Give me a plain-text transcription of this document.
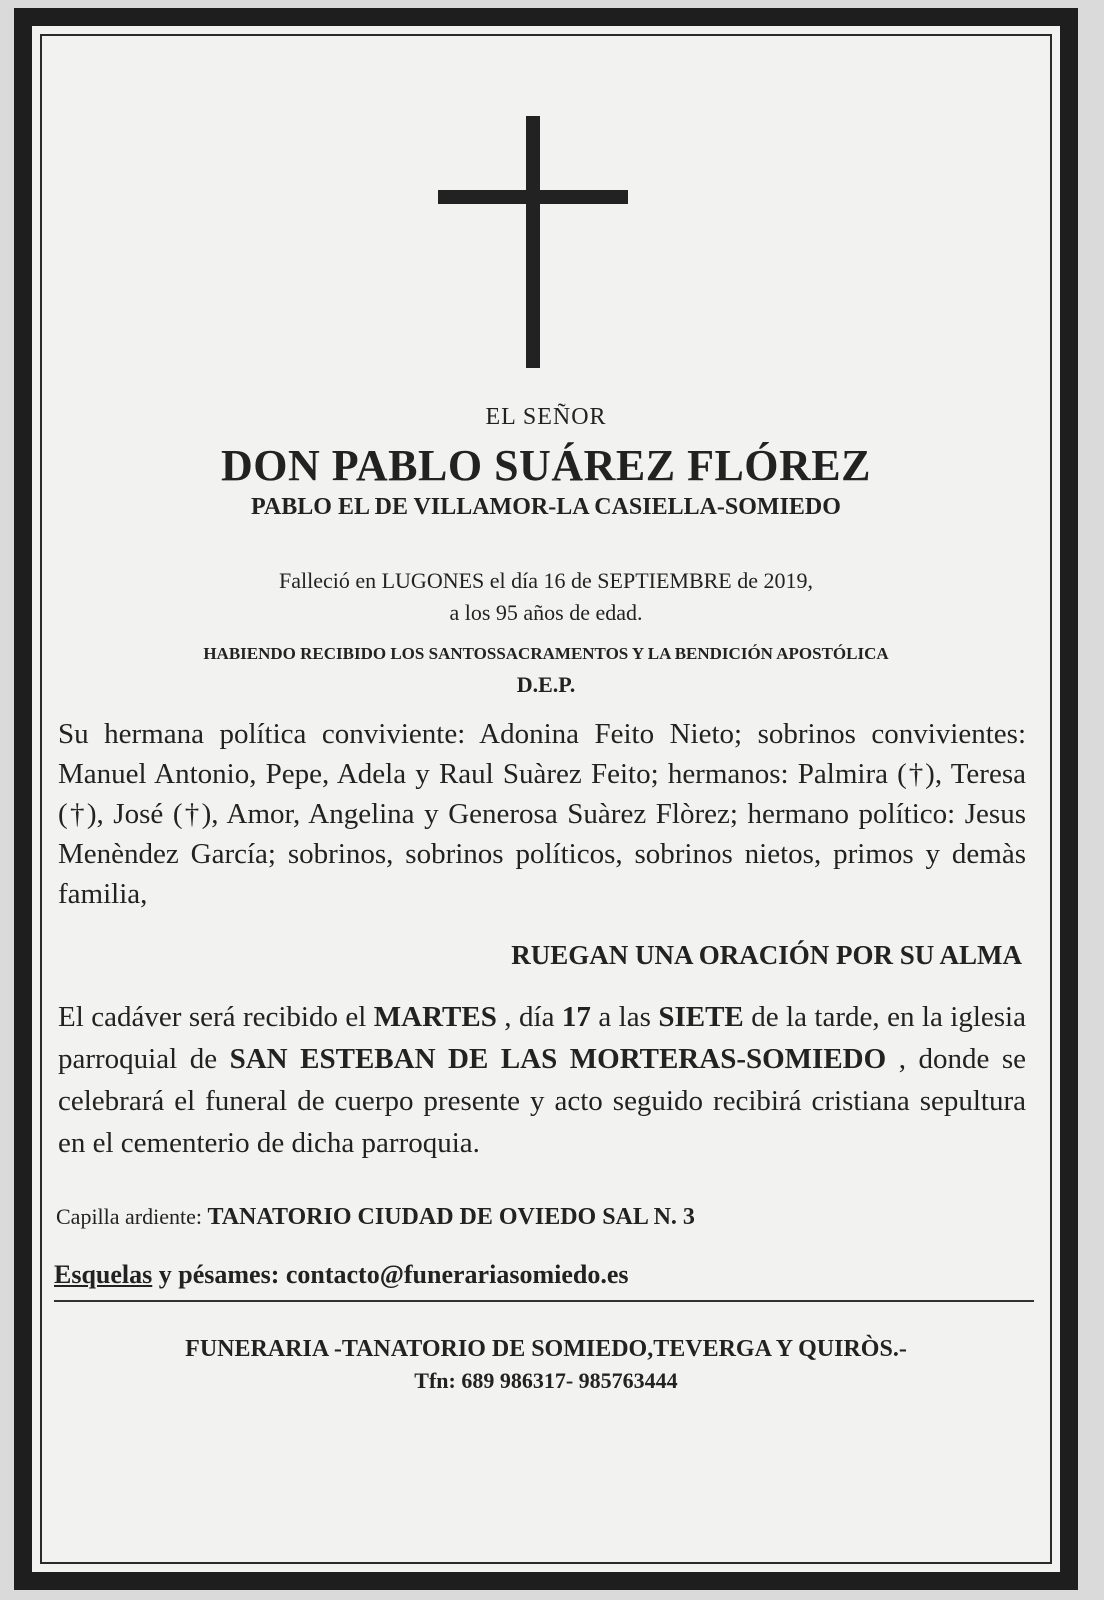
EL SEÑOR
DON PABLO SUÁREZ FLÓREZ
PABLO EL DE VILLAMOR-LA CASIELLA-SOMIEDO
Falleció en LUGONES el día 16 de SEPTIEMBRE de 2019,
a los 95 años de edad.
HABIENDO RECIBIDO LOS SANTOSSACRAMENTOS Y LA BENDICIÓN APOSTÓLICA
D.E.P.
Su hermana política conviviente: Adonina Feito Nieto; sobrinos convivientes: Manuel Antonio, Pepe, Adela y Raul Suàrez Feito; hermanos: Palmira (†), Teresa (†), José (†), Amor, Angelina y Generosa Suàrez Flòrez; hermano político: Jesus Menèndez García; sobrinos, sobrinos políticos, sobrinos nietos, primos y demàs familia,
RUEGAN UNA ORACIÓN POR SU ALMA
El cadáver será recibido el MARTES , día 17 a las SIETE de la tarde, en la iglesia parroquial de SAN ESTEBAN DE LAS MORTERAS-SOMIEDO , donde se celebrará el funeral de cuerpo presente y acto seguido recibirá cristiana sepultura en el cementerio de dicha parroquia.
Capilla ardiente: TANATORIO CIUDAD DE OVIEDO SAL N. 3
Esquelas y pésames: contacto@funerariasomiedo.es
FUNERARIA -TANATORIO DE SOMIEDO,TEVERGA Y QUIRÒS.-
Tfn: 689 986317- 985763444
